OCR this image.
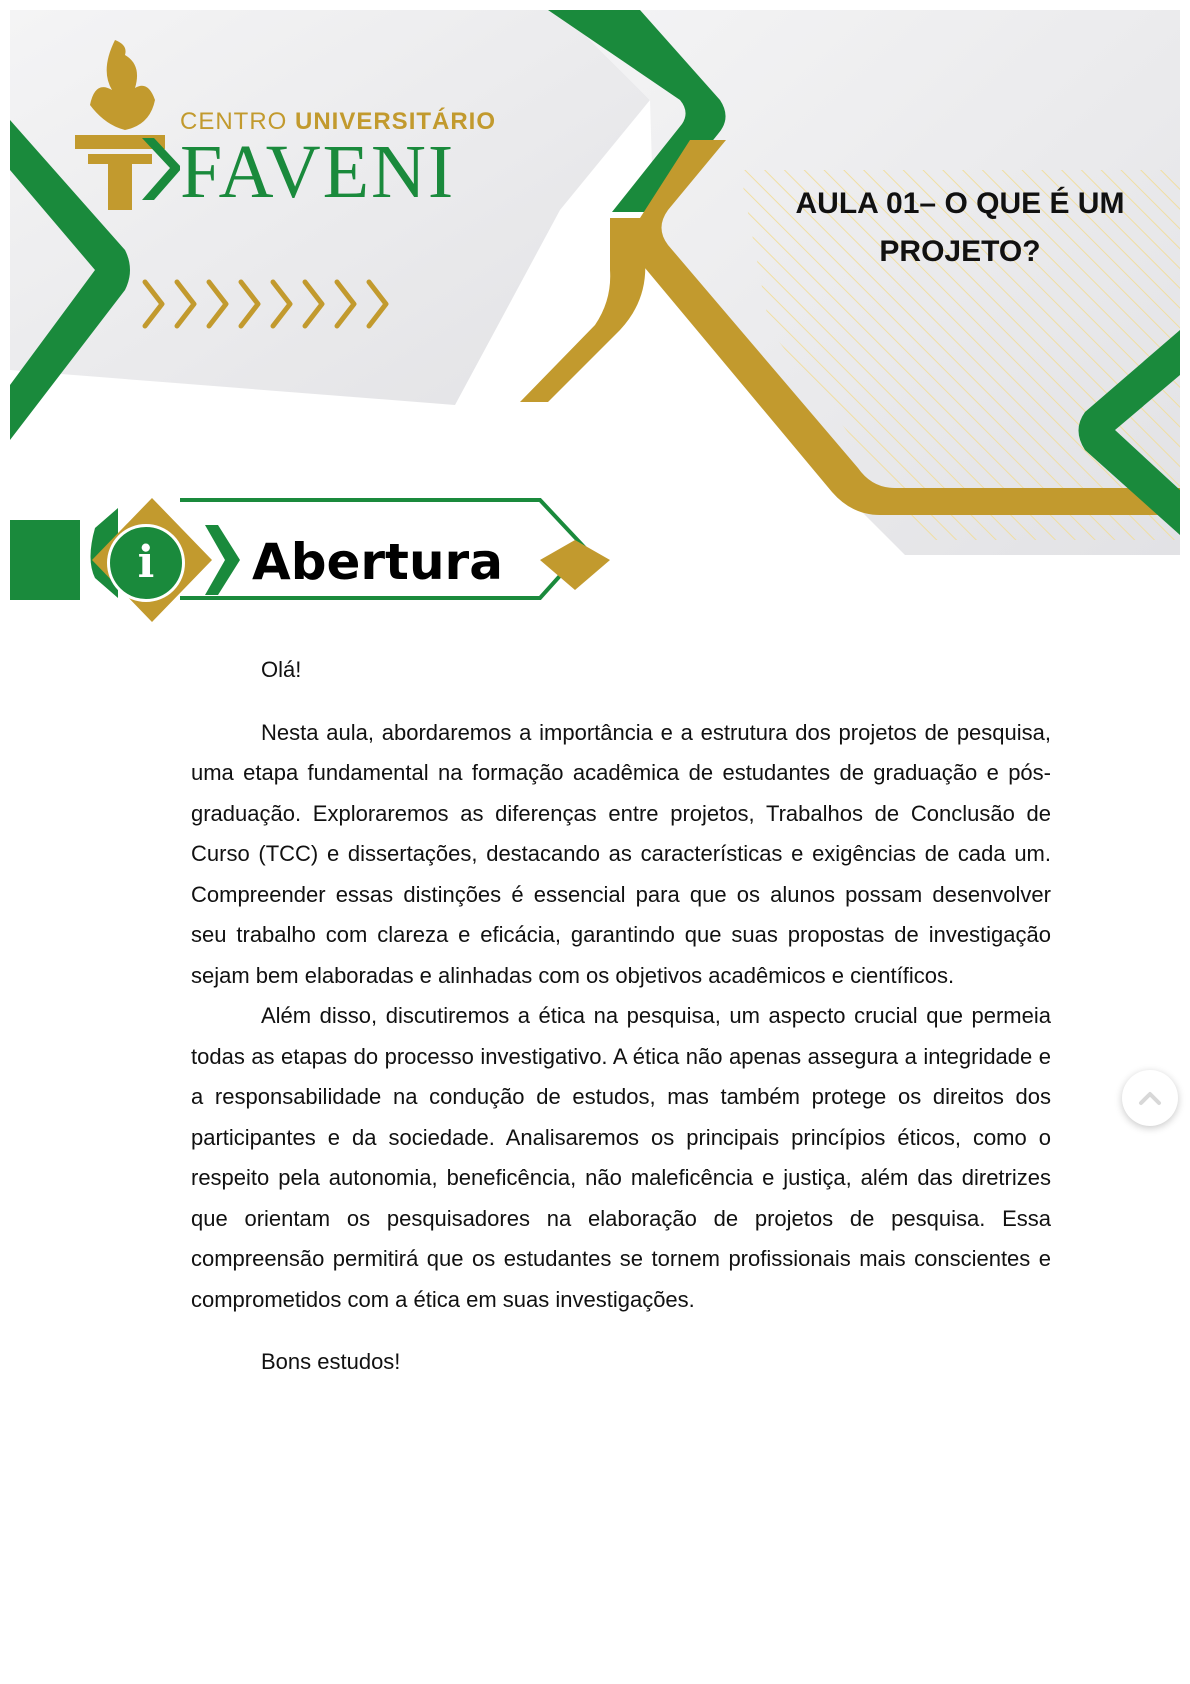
CENTRO UNIVERSITÁRIO
FAVENI	AULA 01– O QUE É UM
PROJETO?
i Abertura

Olá!

Nesta aula, abordaremos a importância e a estrutura dos projetos de pesquisa, uma etapa fundamental na formação acadêmica de estudantes de graduação e pós-graduação. Exploraremos as diferenças entre projetos, Trabalhos de Conclusão de Curso (TCC) e dissertações, destacando as características e exigências de cada um. Compreender essas distinções é essencial para que os alunos possam desenvolver seu trabalho com clareza e eficácia, garantindo que suas propostas de investigação sejam bem elaboradas e alinhadas com os objetivos acadêmicos e científicos.

Além disso, discutiremos a ética na pesquisa, um aspecto crucial que permeia todas as etapas do processo investigativo. A ética não apenas assegura a integridade e a responsabilidade na condução de estudos, mas também protege os direitos dos participantes e da sociedade. Analisaremos os principais princípios éticos, como o respeito pela autonomia, beneficência, não maleficência e justiça, além das diretrizes que orientam os pesquisadores na elaboração de projetos de pesquisa. Essa compreensão permitirá que os estudantes se tornem profissionais mais conscientes e comprometidos com a ética em suas investigações.

Bons estudos!
